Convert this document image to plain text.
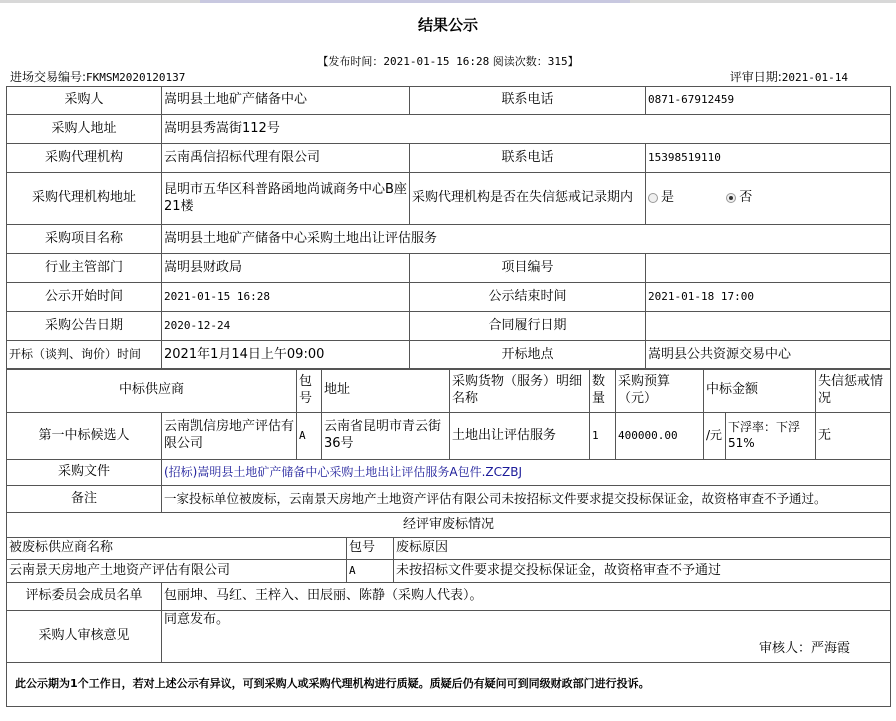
结果公示
【发布时间：2021-01-15 16:28 阅读次数：315】
进场交易编号:FKMSM2020120137	评审日期:2021-01-14
采购人	嵩明县土地矿产储备中心	联系电话	0871-67912459
采购人地址	嵩明县秀嵩街112号		
采购代理机构	云南禹信招标代理有限公司	联系电话	15398519110
采购代理机构地址	昆明市五华区科普路函地尚诚商务中心B座21楼	采购代理机构是否在失信惩戒记录期内	是 否
采购项目名称	嵩明县土地矿产储备中心采购土地出让评估服务		
行业主管部门	嵩明县财政局	项目编号	
公示开始时间	2021-01-15 16:28	公示结束时间	2021-01-18 17:00
采购公告日期	2020-12-24	合同履行日期	
开标（谈判、询价）时间	2021年1月14日上午09:00	开标地点	嵩明县公共资源交易中心
中标供应商		包号	地址	采购货物（服务）明细名称	数量	采购预算（元）	中标金额		失信惩戒情况
第一中标候选人	云南凯信房地产评估有限公司	A	云南省昆明市青云街36号	土地出让评估服务	1	400000.00	/元	下浮率：下浮51%	无
采购文件	(招标)嵩明县土地矿产储备中心采购土地出让评估服务A包件.ZCZBJ
备注	一家投标单位被废标，云南景天房地产土地资产评估有限公司未按招标文件要求提交投标保证金，故资格审查不予通过。
经评审废标情况		
被废标供应商名称	包号	废标原因
云南景天房地产土地资产评估有限公司	A	未按招标文件要求提交投标保证金，故资格审查不予通过
评标委员会成员名单	包丽坤、马红、王梓入、田辰丽、陈静（采购人代表）。
采购人审核意见	同意发布。
审核人：严海霞

此公示期为1个工作日，若对上述公示有异议，可到采购人或采购代理机构进行质疑。质疑后仍有疑问可到同级财政部门进行投诉。	
